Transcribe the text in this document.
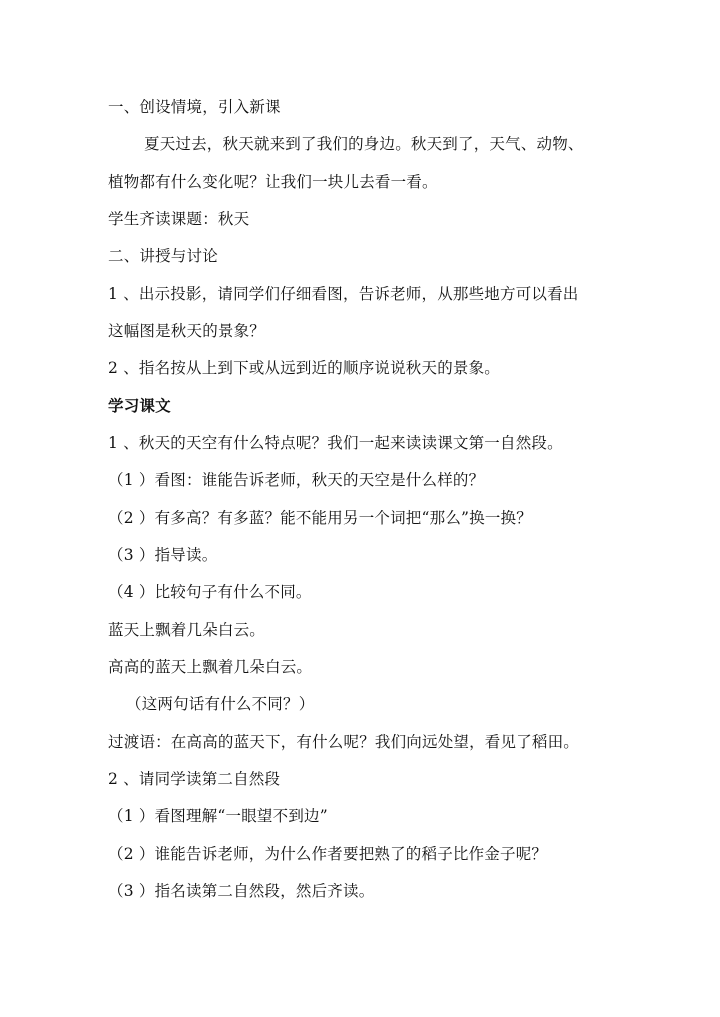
一、创设情境，引入新课
夏天过去，秋天就来到了我们的身边。秋天到了，天气、动物、
植物都有什么变化呢？让我们一块儿去看一看。
学生齐读课题：秋天
二、讲授与讨论
1 、出示投影，请同学们仔细看图，告诉老师，从那些地方可以看出
这幅图是秋天的景象？
2 、指名按从上到下或从远到近的顺序说说秋天的景象。
学习课文
1 、秋天的天空有什么特点呢？我们一起来读读课文第一自然段。
（1 ）看图：谁能告诉老师，秋天的天空是什么样的？
（2 ）有多高？有多蓝？能不能用另一个词把“那么”换一换？
（3 ）指导读。
（4 ）比较句子有什么不同。
蓝天上飘着几朵白云。
高高的蓝天上飘着几朵白云。
（这两句话有什么不同？）
过渡语：在高高的蓝天下，有什么呢？我们向远处望，看见了稻田。
2 、请同学读第二自然段
（1 ）看图理解“一眼望不到边”
（2 ）谁能告诉老师，为什么作者要把熟了的稻子比作金子呢？
（3 ）指名读第二自然段，然后齐读。
